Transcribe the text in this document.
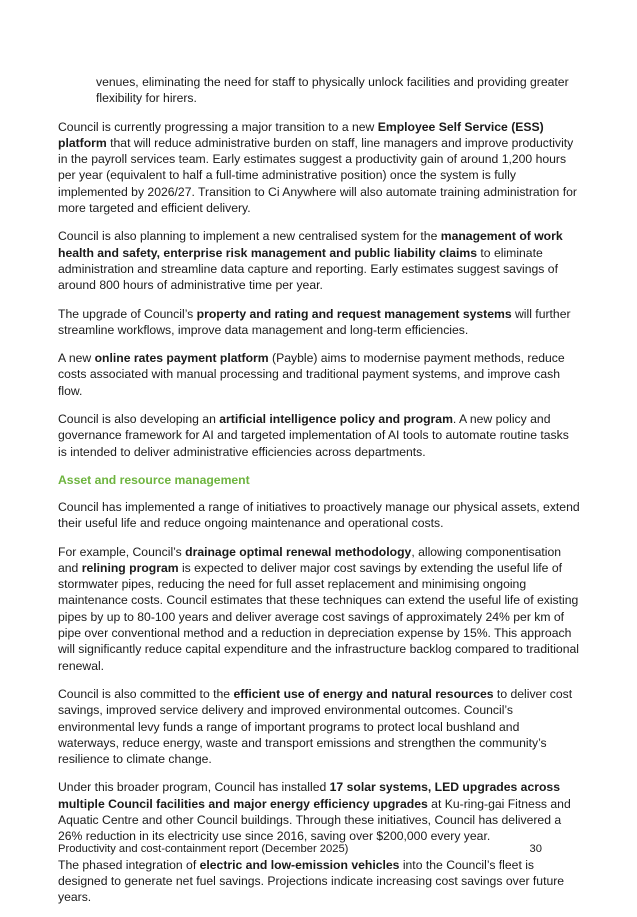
venues, eliminating the need for staff to physically unlock facilities and providing greater flexibility for hirers.

Council is currently progressing a major transition to a new Employee Self Service (ESS) platform that will reduce administrative burden on staff, line managers and improve productivity in the payroll services team. Early estimates suggest a productivity gain of around 1,200 hours per year (equivalent to half a full-time administrative position) once the system is fully implemented by 2026/27. Transition to Ci Anywhere will also automate training administration for more targeted and efficient delivery.

Council is also planning to implement a new centralised system for the management of work health and safety, enterprise risk management and public liability claims to eliminate administration and streamline data capture and reporting. Early estimates suggest savings of around 800 hours of administrative time per year.

The upgrade of Council’s property and rating and request management systems will further streamline workflows, improve data management and long-term efficiencies.

A new online rates payment platform (Payble) aims to modernise payment methods, reduce costs associated with manual processing and traditional payment systems, and improve cash flow.

Council is also developing an artificial intelligence policy and program. A new policy and governance framework for AI and targeted implementation of AI tools to automate routine tasks is intended to deliver administrative efficiencies across departments.

Asset and resource management

Council has implemented a range of initiatives to proactively manage our physical assets, extend their useful life and reduce ongoing maintenance and operational costs.

For example, Council’s drainage optimal renewal methodology, allowing componentisation and relining program is expected to deliver major cost savings by extending the useful life of stormwater pipes, reducing the need for full asset replacement and minimising ongoing maintenance costs. Council estimates that these techniques can extend the useful life of existing pipes by up to 80-100 years and deliver average cost savings of approximately 24% per km of pipe over conventional method and a reduction in depreciation expense by 15%. This approach will significantly reduce capital expenditure and the infrastructure backlog compared to traditional renewal.

Council is also committed to the efficient use of energy and natural resources to deliver cost savings, improved service delivery and improved environmental outcomes. Council’s environmental levy funds a range of important programs to protect local bushland and waterways, reduce energy, waste and transport emissions and strengthen the community’s resilience to climate change.

Under this broader program, Council has installed 17 solar systems, LED upgrades across multiple Council facilities and major energy efficiency upgrades at Ku-ring-gai Fitness and Aquatic Centre and other Council buildings. Through these initiatives, Council has delivered a 26% reduction in its electricity use since 2016, saving over $200,000 every year.

The phased integration of electric and low-emission vehicles into the Council’s fleet is designed to generate net fuel savings. Projections indicate increasing cost savings over future years.

Productivity and cost-containment report (December 2025)	30
